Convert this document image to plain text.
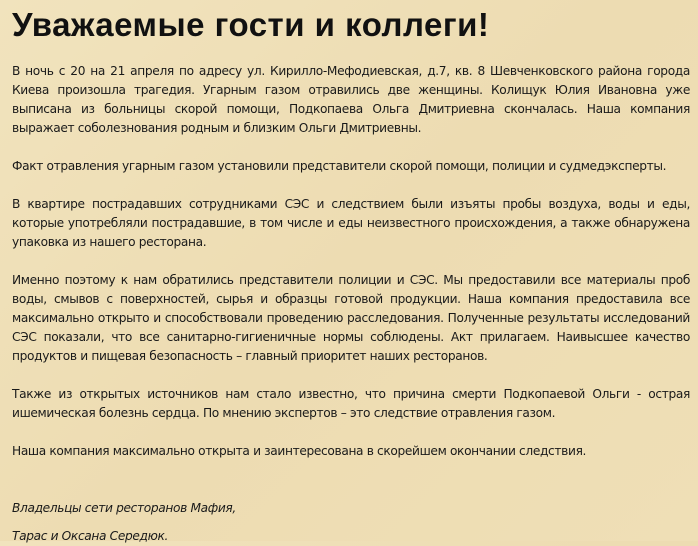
Уважаемые гости и коллеги!

В ночь с 20 на 21 апреля по адресу ул. Кирилло-Мефодиевская, д.7, кв. 8 Шевченковского района города Киева произошла трагедия. Угарным газом отравились две женщины. Колищук Юлия Ивановна уже выписана из больницы скорой помощи, Подкопаева Ольга Дмитриевна скончалась. Наша компания выражает соболезнования родным и близким Ольги Дмитриевны.

Факт отравления угарным газом установили представители скорой помощи, полиции и судмедэксперты.

В квартире пострадавших сотрудниками СЭС и следствием были изъяты пробы воздуха, воды и еды, которые употребляли пострадавшие, в том числе и еды неизвестного происхождения, а также обнаружена упаковка из нашего ресторана.

Именно поэтому к нам обратились представители полиции и СЭС. Мы предоставили все материалы проб воды, смывов с поверхностей, сырья и образцы готовой продукции. Наша компания предоставила все максимально открыто и способствовали проведению расследования. Полученные результаты исследований СЭС показали, что все санитарно-гигиеничные нормы соблюдены. Акт прилагаем. Наивысшее качество продуктов и пищевая безопасность – главный приоритет наших ресторанов.

Также из открытых источников нам стало известно, что причина смерти Подкопаевой Ольги - острая ишемическая болезнь сердца. По мнению экспертов – это следствие отравления газом.

Наша компания максимально открыта и заинтересована в скорейшем окончании следствия.

Владельцы сети ресторанов Мафия,

Тарас и Оксана Середюк.
